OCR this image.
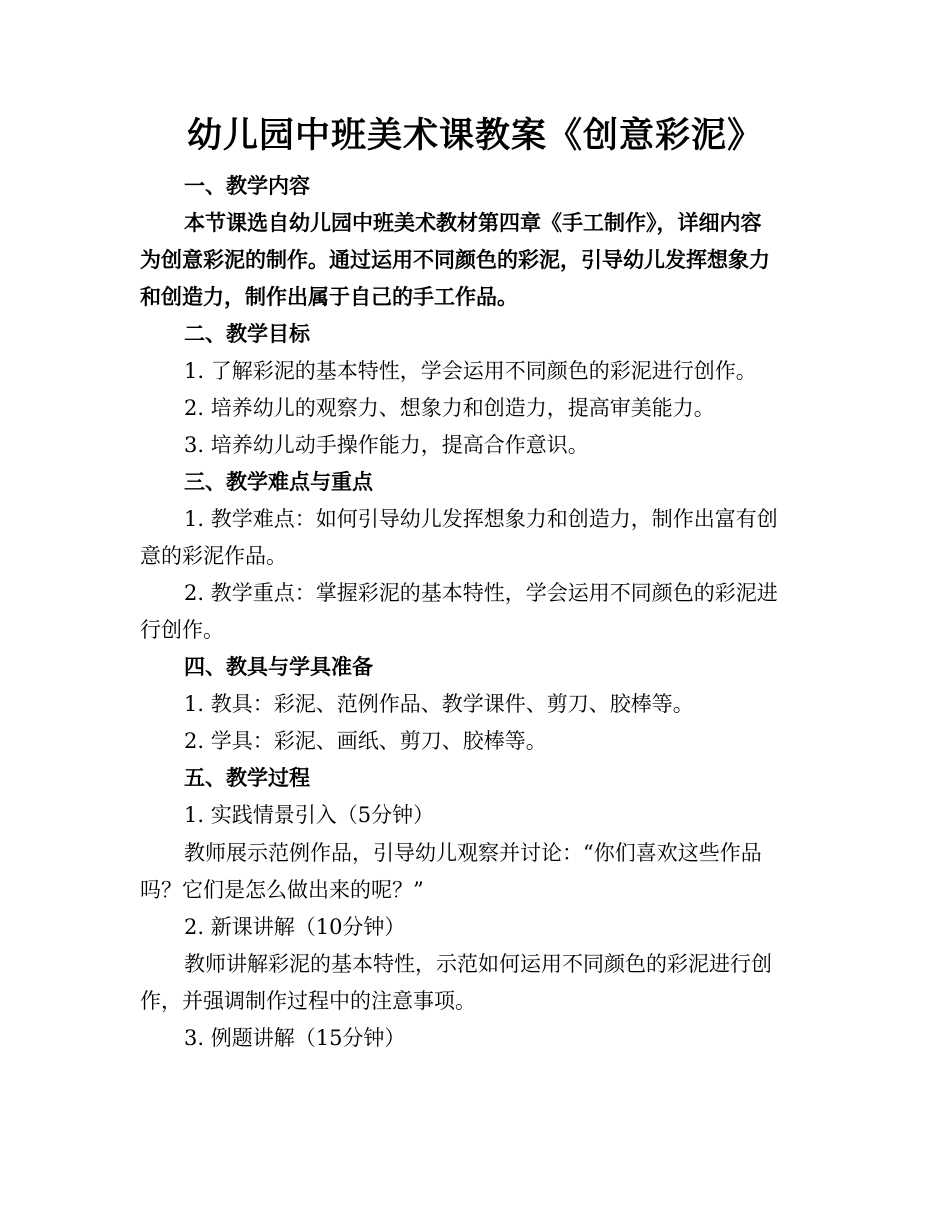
幼儿园中班美术课教案《创意彩泥》
一、教学内容
本节课选自幼儿园中班美术教材第四章《手工制作》，详细内容
为创意彩泥的制作。通过运用不同颜色的彩泥，引导幼儿发挥想象力
和创造力，制作出属于自己的手工作品。
二、教学目标
1. 了解彩泥的基本特性，学会运用不同颜色的彩泥进行创作。
2. 培养幼儿的观察力、想象力和创造力，提高审美能力。
3. 培养幼儿动手操作能力，提高合作意识。
三、教学难点与重点
1. 教学难点：如何引导幼儿发挥想象力和创造力，制作出富有创
意的彩泥作品。
2. 教学重点：掌握彩泥的基本特性，学会运用不同颜色的彩泥进
行创作。
四、教具与学具准备
1. 教具：彩泥、范例作品、教学课件、剪刀、胶棒等。
2. 学具：彩泥、画纸、剪刀、胶棒等。
五、教学过程
1. 实践情景引入（5分钟）
教师展示范例作品，引导幼儿观察并讨论：“你们喜欢这些作品
吗？它们是怎么做出来的呢？”
2. 新课讲解（10分钟）
教师讲解彩泥的基本特性，示范如何运用不同颜色的彩泥进行创
作，并强调制作过程中的注意事项。
3. 例题讲解（15分钟）
